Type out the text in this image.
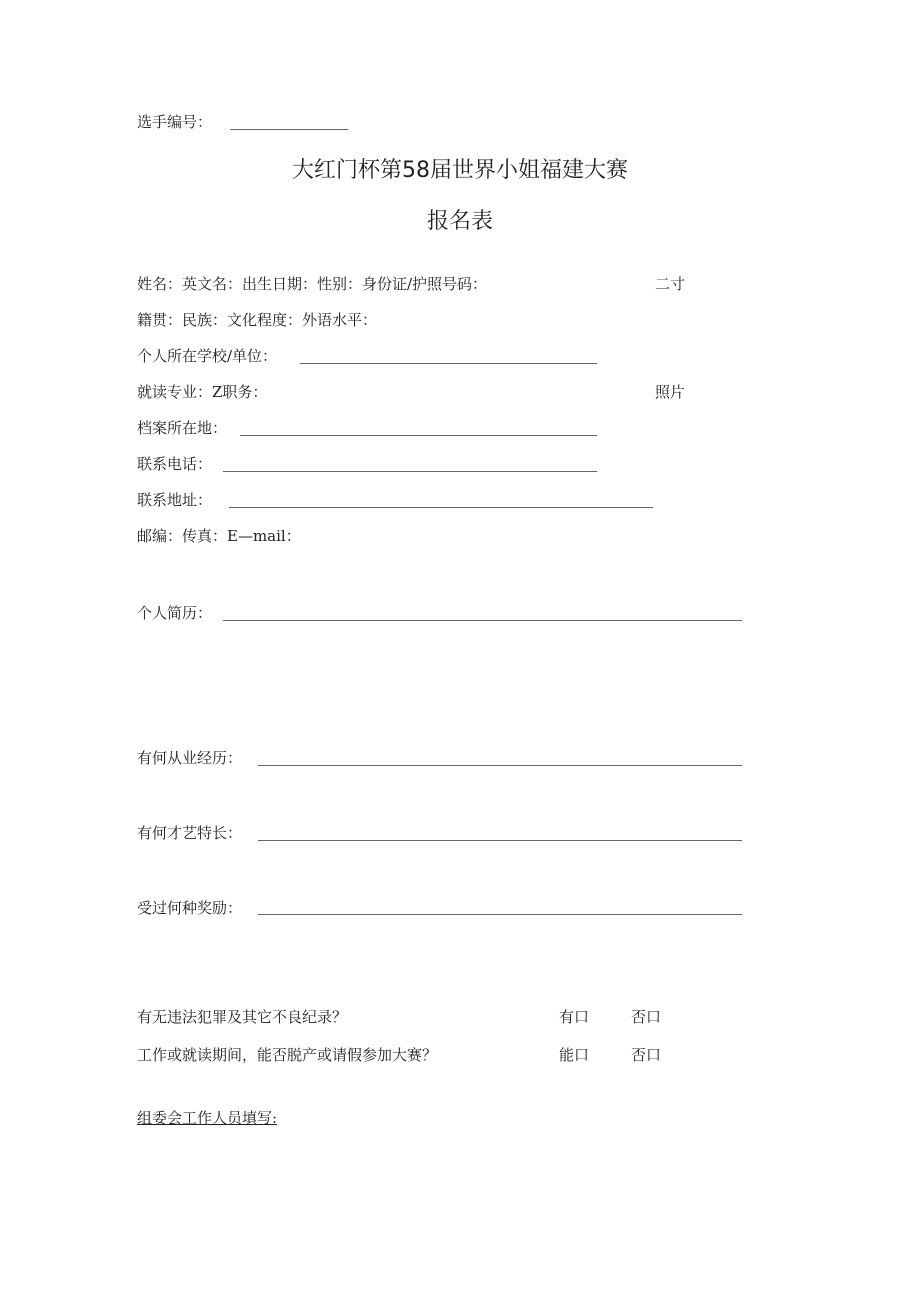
选手编号：
大红门杯第58届世界小姐福建大赛
报名表
姓名：英文名：出生日期：性别：身份证/护照号码：	二寸
籍贯：民族：文化程度：外语水平：
个人所在学校/单位：
就读专业：Z职务：	照片
档案所在地：
联系电话：
联系地址：
邮编：传真：E—mail：
个人简历：
有何从业经历：
有何才艺特长：
受过何种奖励：
有无违法犯罪及其它不良纪录？	有口	否口
工作或就读期间，能否脱产或请假参加大赛？	能口	否口
组委会工作人员填写:
